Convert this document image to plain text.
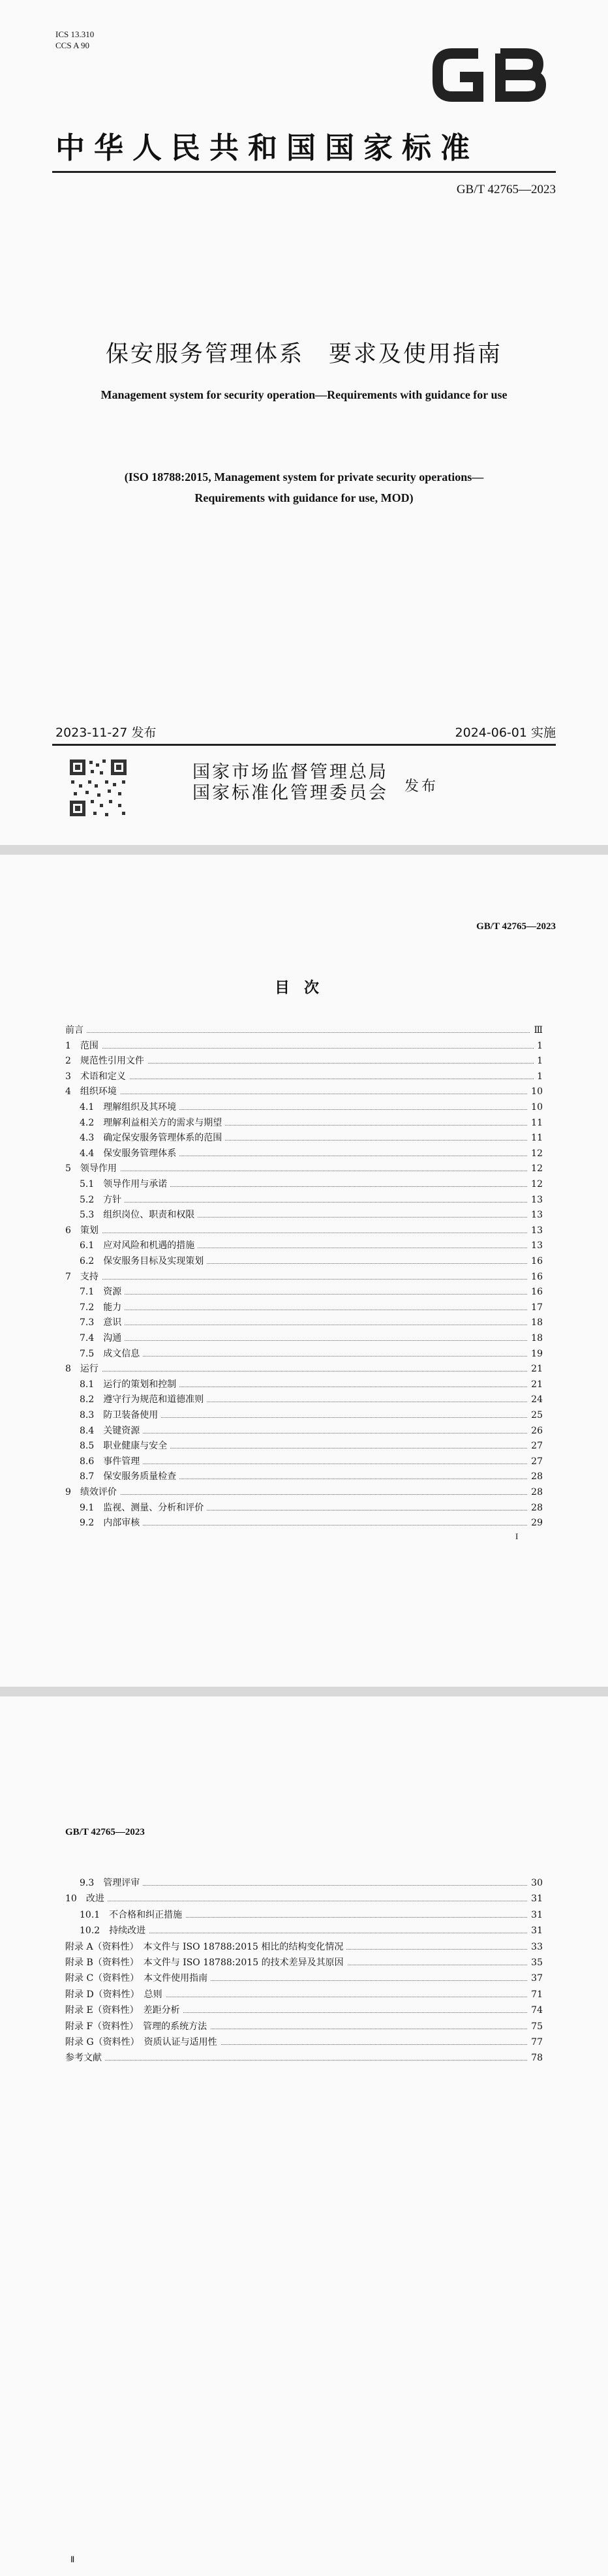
ICS 13.310
CCS A 90
中华人民共和国国家标准
GB/T 42765—2023
保安服务管理体系　要求及使用指南
Management system for security operation—Requirements with guidance for use
(ISO 18788:2015, Management system for private security operations—
Requirements with guidance for use, MOD)
2023-11-27 发布	2024-06-01 实施
国家市场监督管理总局
国家标准化管理委员会 发布
GB/T 42765—2023
目次
前言	Ⅲ
1　范围	1
2　规范性引用文件	1
3　术语和定义	1
4　组织环境	10
4.1　理解组织及其环境	10
4.2　理解利益相关方的需求与期望	11
4.3　确定保安服务管理体系的范围	11
4.4　保安服务管理体系	12
5　领导作用	12
5.1　领导作用与承诺	12
5.2　方针	13
5.3　组织岗位、职责和权限	13
6　策划	13
6.1　应对风险和机遇的措施	13
6.2　保安服务目标及实现策划	16
7　支持	16
7.1　资源	16
7.2　能力	17
7.3　意识	18
7.4　沟通	18
7.5　成文信息	19
8　运行	21
8.1　运行的策划和控制	21
8.2　遵守行为规范和道德准则	24
8.3　防卫装备使用	25
8.4　关键资源	26
8.5　职业健康与安全	27
8.6　事件管理	27
8.7　保安服务质量检查	28
9　绩效评价	28
9.1　监视、测量、分析和评价	28
9.2　内部审核	29
I
GB/T 42765—2023
9.3　管理评审	30
10　改进	31
10.1　不合格和纠正措施	31
10.2　持续改进	31
附录 A（资料性）　本文件与 ISO 18788:2015 相比的结构变化情况	33
附录 B（资料性）　本文件与 ISO 18788:2015 的技术差异及其原因	35
附录 C（资料性）　本文件使用指南	37
附录 D（资料性）　总则	71
附录 E（资料性）　差距分析	74
附录 F（资料性）　管理的系统方法	75
附录 G（资料性）　资质认证与适用性	77
参考文献	78
Ⅱ
